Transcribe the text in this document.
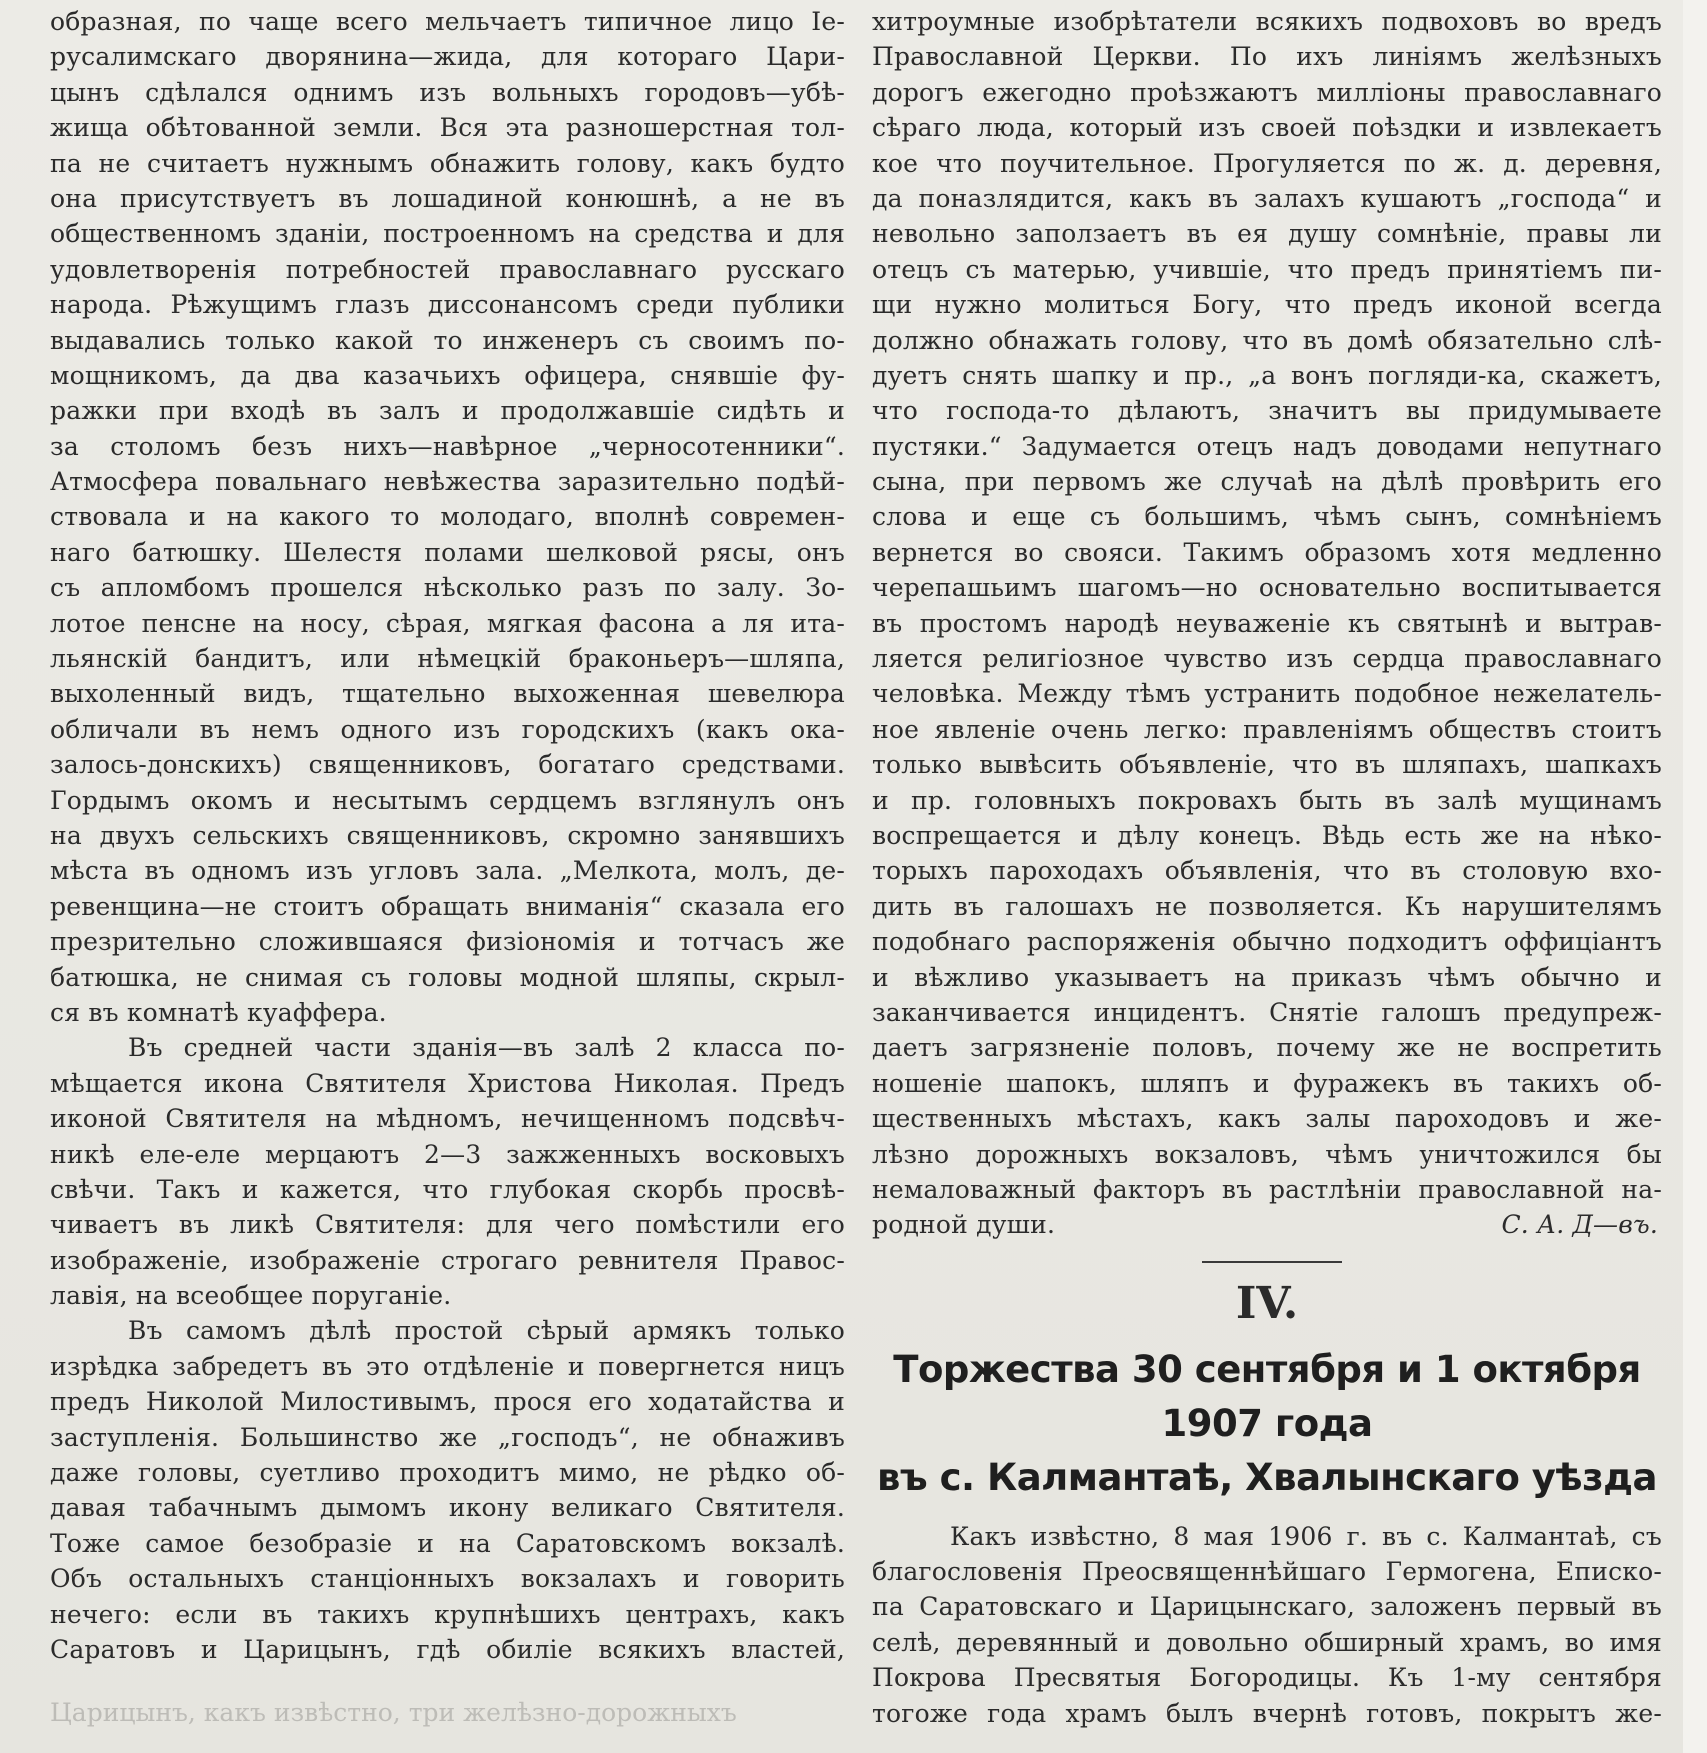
образная, по чаще всего мельчаетъ типичное лицо Іе-
русалимскаго дворянина—жида, для котораго Цари-
цынъ сдѣлался однимъ изъ вольныхъ городовъ—убѣ-
жища обѣтованной земли. Вся эта разношерстная тол-
па не считаетъ нужнымъ обнажить голову, какъ будто
она присутствуетъ въ лошадиной конюшнѣ, а не въ
общественномъ зданіи, построенномъ на средства и для
удовлетворенія потребностей православнаго русскаго
народа. Рѣжущимъ глазъ диссонансомъ среди публики
выдавались только какой то инженеръ съ своимъ по-
мощникомъ, да два казачьихъ офицера, снявшіе фу-
ражки при входѣ въ залъ и продолжавшіе сидѣть и
за столомъ безъ нихъ—навѣрное „черносотенники“.
Атмосфера повальнаго невѣжества заразительно подѣй-
ствовала и на какого то молодаго, вполнѣ современ-
наго батюшку. Шелестя полами шелковой рясы, онъ
съ апломбомъ прошелся нѣсколько разъ по залу. Зо-
лотое пенсне на носу, сѣрая, мягкая фасона а ля ита-
льянскій бандитъ, или нѣмецкій браконьеръ—шляпа,
выхоленный видъ, тщательно выхоженная шевелюра
обличали въ немъ одного изъ городскихъ (какъ ока-
залось-донскихъ) священниковъ, богатаго средствами.
Гордымъ окомъ и несытымъ сердцемъ взглянулъ онъ
на двухъ сельскихъ священниковъ, скромно занявшихъ
мѣста въ одномъ изъ угловъ зала. „Мелкота, молъ, де-
ревенщина—не стоитъ обращать вниманія“ сказала его
презрительно сложившаяся физіономія и тотчасъ же
батюшка, не снимая съ головы модной шляпы, скрыл-
ся въ комнатѣ куаффера.
Въ средней части зданія—въ залѣ 2 класса по-
мѣщается икона Святителя Христова Николая. Предъ
иконой Святителя на мѣдномъ, нечищенномъ подсвѣч-
никѣ еле-еле мерцаютъ 2—3 зажженныхъ восковыхъ
свѣчи. Такъ и кажется, что глубокая скорбь просвѣ-
чиваетъ въ ликѣ Святителя: для чего помѣстили его
изображеніе, изображеніе строгаго ревнителя Правос-
лавія, на всеобщее поруганіе.
Въ самомъ дѣлѣ простой сѣрый армякъ только
изрѣдка забредетъ въ это отдѣленіе и повергнется ницъ
предъ Николой Милостивымъ, прося его ходатайства и
заступленія. Большинство же „господъ“, не обнаживъ
даже головы, суетливо проходитъ мимо, не рѣдко об-
давая табачнымъ дымомъ икону великаго Святителя.
Тоже самое безобразіе и на Саратовскомъ вокзалѣ.
Объ остальныхъ станціонныхъ вокзалахъ и говорить
нечего: если въ такихъ крупнѣшихъ центрахъ, какъ
Саратовъ и Царицынъ, гдѣ обиліе всякихъ властей,
хитроумные изобрѣтатели всякихъ подвоховъ во вредъ
Православной Церкви. По ихъ линіямъ желѣзныхъ
дорогъ ежегодно проѣзжаютъ милліоны православнаго
сѣраго люда, который изъ своей поѣздки и извлекаетъ
кое что поучительное. Прогуляется по ж. д. деревня,
да поназлядится, какъ въ залахъ кушаютъ „господа“ и
невольно заползаетъ въ ея душу сомнѣніе, правы ли
отецъ съ матерью, учившіе, что предъ принятіемъ пи-
щи нужно молиться Богу, что предъ иконой всегда
должно обнажать голову, что въ домѣ обязательно слѣ-
дуетъ снять шапку и пр., „а вонъ погляди-ка, скажетъ,
что господа-то дѣлаютъ, значитъ вы придумываете
пустяки.“ Задумается отецъ надъ доводами непутнаго
сына, при первомъ же случаѣ на дѣлѣ провѣрить его
слова и еще съ большимъ, чѣмъ сынъ, сомнѣніемъ
вернется во свояси. Такимъ образомъ хотя медленно
черепашьимъ шагомъ—но основательно воспитывается
въ простомъ народѣ неуваженіе къ святынѣ и вытрав-
ляется религіозное чувство изъ сердца православнаго
человѣка. Между тѣмъ устранить подобное нежелатель-
ное явленіе очень легко: правленіямъ обществъ стоитъ
только вывѣсить объявленіе, что въ шляпахъ, шапкахъ
и пр. головныхъ покровахъ быть въ залѣ мущинамъ
воспрещается и дѣлу конецъ. Вѣдь есть же на нѣко-
торыхъ пароходахъ объявленія, что въ столовую вхо-
дить въ галошахъ не позволяется. Къ нарушителямъ
подобнаго распоряженія обычно подходитъ оффиціантъ
и вѣжливо указываетъ на приказъ чѣмъ обычно и
заканчивается инцидентъ. Снятіе галошъ предупреж-
даетъ загрязненіе половъ, почему же не воспретить
ношеніе шапокъ, шляпъ и фуражекъ въ такихъ об-
щественныхъ мѣстахъ, какъ залы пароходовъ и же-
лѣзно дорожныхъ вокзаловъ, чѣмъ уничтожился бы
немаловажный факторъ въ растлѣніи православной на-
родной души.	С. А. Д—въ.
IV.
Торжества 30 сентября и 1 октября 1907 года
въ с. Калмантаѣ, Хвалынскаго уѣзда
Какъ извѣстно, 8 мая 1906 г. въ с. Калмантаѣ, съ
благословенія Преосвященнѣйшаго Гермогена, Еписко-
па Саратовскаго и Царицынскаго, заложенъ первый въ
селѣ, деревянный и довольно обширный храмъ, во имя
Покрова Пресвятыя Богородицы. Къ 1-му сентября
тогоже года храмъ былъ вчернѣ готовъ, покрытъ же-
Царицынъ, какъ извѣстно, три желѣзно-дорожныхъ
